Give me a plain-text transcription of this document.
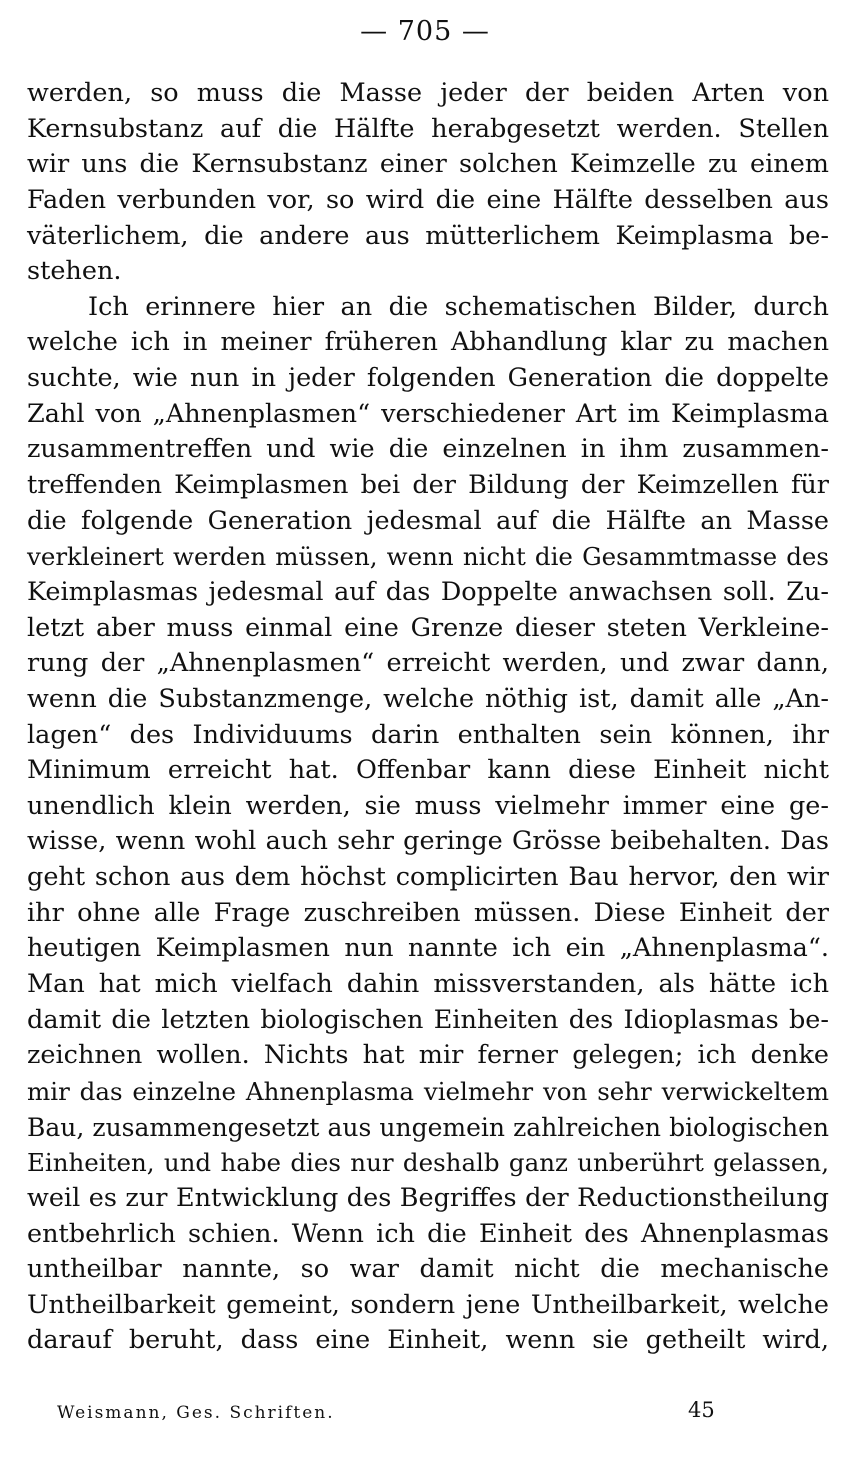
— 705 —
werden, so muss die Masse jeder der beiden Arten von
Kernsubstanz auf die Hälfte herabgesetzt werden. Stellen
wir uns die Kernsubstanz einer solchen Keimzelle zu einem
Faden verbunden vor, so wird die eine Hälfte desselben aus
väterlichem, die andere aus mütterlichem Keimplasma be-
stehen.
Ich erinnere hier an die schematischen Bilder, durch
welche ich in meiner früheren Abhandlung klar zu machen
suchte, wie nun in jeder folgenden Generation die doppelte
Zahl von „Ahnenplasmen“ verschiedener Art im Keimplasma
zusammentreffen und wie die einzelnen in ihm zusammen-
treffenden Keimplasmen bei der Bildung der Keimzellen für
die folgende Generation jedesmal auf die Hälfte an Masse
verkleinert werden müssen, wenn nicht die Gesammtmasse des
Keimplasmas jedesmal auf das Doppelte anwachsen soll. Zu-
letzt aber muss einmal eine Grenze dieser steten Verkleine-
rung der „Ahnenplasmen“ erreicht werden, und zwar dann,
wenn die Substanzmenge, welche nöthig ist, damit alle „An-
lagen“ des Individuums darin enthalten sein können, ihr
Minimum erreicht hat. Offenbar kann diese Einheit nicht
unendlich klein werden, sie muss vielmehr immer eine ge-
wisse, wenn wohl auch sehr geringe Grösse beibehalten. Das
geht schon aus dem höchst complicirten Bau hervor, den wir
ihr ohne alle Frage zuschreiben müssen. Diese Einheit der
heutigen Keimplasmen nun nannte ich ein „Ahnenplasma“.
Man hat mich vielfach dahin missverstanden, als hätte ich
damit die letzten biologischen Einheiten des Idioplasmas be-
zeichnen wollen. Nichts hat mir ferner gelegen; ich denke
mir das einzelne Ahnenplasma vielmehr von sehr verwickeltem
Bau, zusammengesetzt aus ungemein zahlreichen biologischen
Einheiten, und habe dies nur deshalb ganz unberührt gelassen,
weil es zur Entwicklung des Begriffes der Reductionstheilung
entbehrlich schien. Wenn ich die Einheit des Ahnenplasmas
untheilbar nannte, so war damit nicht die mechanische
Untheilbarkeit gemeint, sondern jene Untheilbarkeit, welche
darauf beruht, dass eine Einheit, wenn sie getheilt wird,
Weismann, Ges. Schriften.	45
